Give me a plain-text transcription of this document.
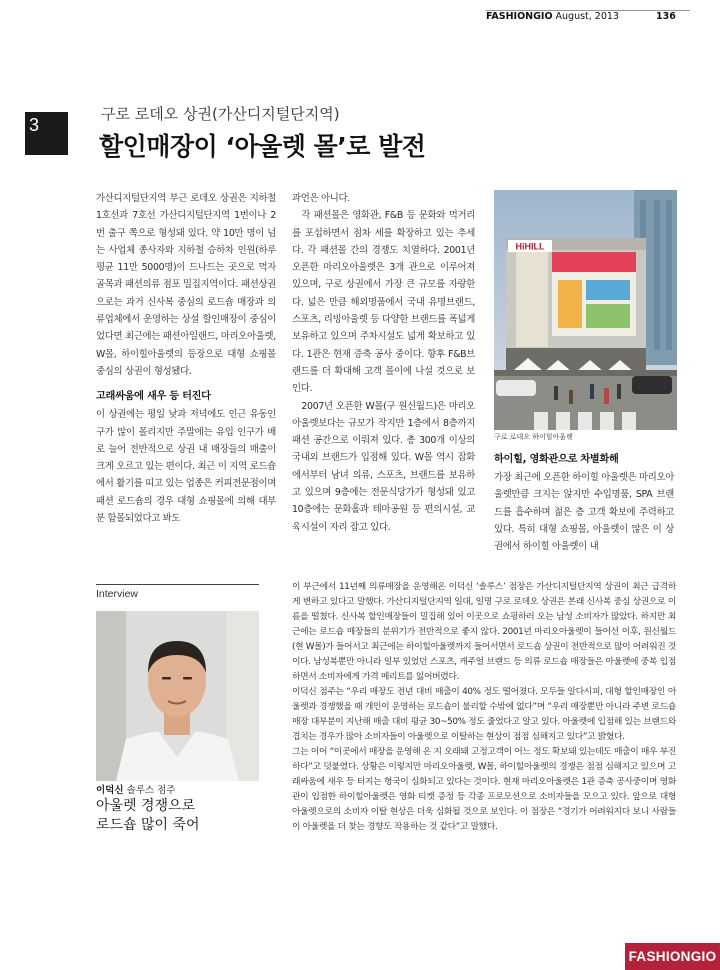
FASHIONGIO August, 2013	136
3
구로 로데오 상권(가산디지털단지역)
할인매장이 ‘아울렛 몰’로 발전

가산디지털단지역 부근 로데오 상권은 지하철 1호선과 7호선 가산디지털단지역 1번이나 2번 출구 쪽으로 형성돼 있다. 약 10만 명이 넘는 사업체 종사자와 지하철 승하차 인원(하루 평균 11만 5000명)이 드나드는 곳으로 먹자골목과 패션의류 점포 밀집지역이다. 패션상권으로는 과거 신사복 중심의 로드숍 매장과 의류업체에서 운영하는 상설 할인매장이 중심이었다면 최근에는 패션아일랜드, 마리오아울렛, W몰, 하이힐아울렛의 등장으로 대형 쇼핑몰 중심의 상권이 형성됐다.

고래싸움에 새우 등 터진다

이 상권에는 평일 낮과 저녁에도 인근 유동인구가 많이 몰리지만 주말에는 유입 인구가 배로 늘어 전반적으로 상권 내 매장들의 매출이 크게 오르고 있는 편이다. 최근 이 지역 로드숍에서 활기를 띠고 있는 업종은 커피전문점이며 패션 로드숍의 경우 대형 쇼핑몰에 의해 대부분 함몰되었다고 봐도

과언은 아니다.

각 패션몰은 영화관, F&B 등 문화와 먹거리를 포섭하면서 점차 세를 확장하고 있는 추세다. 각 패션몰 간의 경쟁도 치열하다. 2001년 오픈한 마리오아울렛은 3개 관으로 이루어져 있으며, 구로 상권에서 가장 큰 규모를 자랑한다. 넓은 만큼 해외명품에서 국내 유명브랜드, 스포츠, 리빙아울렛 등 다양한 브랜드를 폭넓게 보유하고 있으며 주차시설도 넓게 확보하고 있다. 1관은 현재 증축 공사 중이다. 향후 F&B브랜드를 더 확대해 고객 몰이에 나설 것으로 보인다.

2007년 오픈한 W몰(구 원신월드)은 마리오아울렛보다는 규모가 작지만 1층에서 8층까지 패션 공간으로 이뤄져 있다. 총 300개 이상의 국내외 브랜드가 입점해 있다. W몰 역시 잡화에서부터 남녀 의류, 스포츠, 브랜드를 보유하고 있으며 9층에는 전문식당가가 형성돼 있고 10층에는 문화홀과 테마공원 등 편의시설, 교육시설이 자리 잡고 있다.

HiHILL
구로 로데오 하이힐아울렛

하이힐, 영화관으로 차별화해

가장 최근에 오픈한 하이힐 아울렛은 마리오아울렛만큼 크지는 않지만 수입명품, SPA 브랜드를 흡수하며 젊은 층 고객 확보에 주력하고 있다. 특히 대형 쇼핑몰, 아울렛이 많은 이 상권에서 하이힐 아울렛이 내

Interview
이덕신 솔루스 점주
아울렛 경쟁으로
로드숍 많이 죽어

이 부근에서 11년째 의류매장을 운영해온 이덕신 ‘솔루스’ 점장은 가산디지털단지역 상권이 최근 급격하게 변하고 있다고 말했다. 가산디지털단지역 일대, 일명 구로 로데오 상권은 본래 신사복 중심 상권으로 이름을 떨쳤다. 신사복 할인매장들이 밀집해 있어 이곳으로 쇼핑하러 오는 남성 소비자가 많았다. 하지만 최근에는 로드숍 매장들의 분위기가 전반적으로 좋지 않다. 2001년 마리오아울렛이 들어선 이후, 원신월드(현 W몰)가 들어서고 최근에는 하이힐아울렛까지 들어서면서 로드숍 상권이 전반적으로 많이 어려워진 것이다. 남성복뿐만 아니라 일부 있었던 스포츠, 캐주얼 브랜드 등 의류 로드숍 매장들은 아울렛에 중복 입점하면서 소비자에게 가격 메리트를 잃어버렸다.

이덕신 점주는 “우리 매장도 전년 대비 매출이 40% 정도 떨어졌다. 모두들 알다시피, 대형 할인매장인 아울렛과 경쟁했을 때 개인이 운영하는 로드숍이 불리할 수밖에 없다”며 “우리 매장뿐만 아니라 주변 로드숍 매장 대부분이 지난해 매출 대비 평균 30~50% 정도 줄었다고 알고 있다. 아울렛에 입점해 있는 브랜드와 겹치는 경우가 많아 소비자들이 아울렛으로 이탈하는 현상이 점점 심해지고 있다”고 밝혔다.

그는 이어 “이곳에서 매장을 운영해 온 지 오래돼 고정고객이 어느 정도 확보돼 있는데도 매출이 매우 부진하다”고 덧붙였다. 상황은 이렇지만 마리오아울렛, W몰, 하이힐아울렛의 경쟁은 점점 심해지고 있으며 고래싸움에 새우 등 터지는 형국이 심화되고 있다는 것이다. 현재 마리오아울렛은 1관 증축 공사중이며 영화관이 입점한 하이힐아울렛은 영화 티켓 증정 등 각종 프로모션으로 소비자들을 모으고 있다. 앞으로 대형 아울렛으로의 소비자 이탈 현상은 더욱 심화될 것으로 보인다. 이 점장은 “경기가 어려워지다 보니 사람들이 아울렛을 더 찾는 경향도 작용하는 것 같다”고 말했다.

FASHIONGIO
